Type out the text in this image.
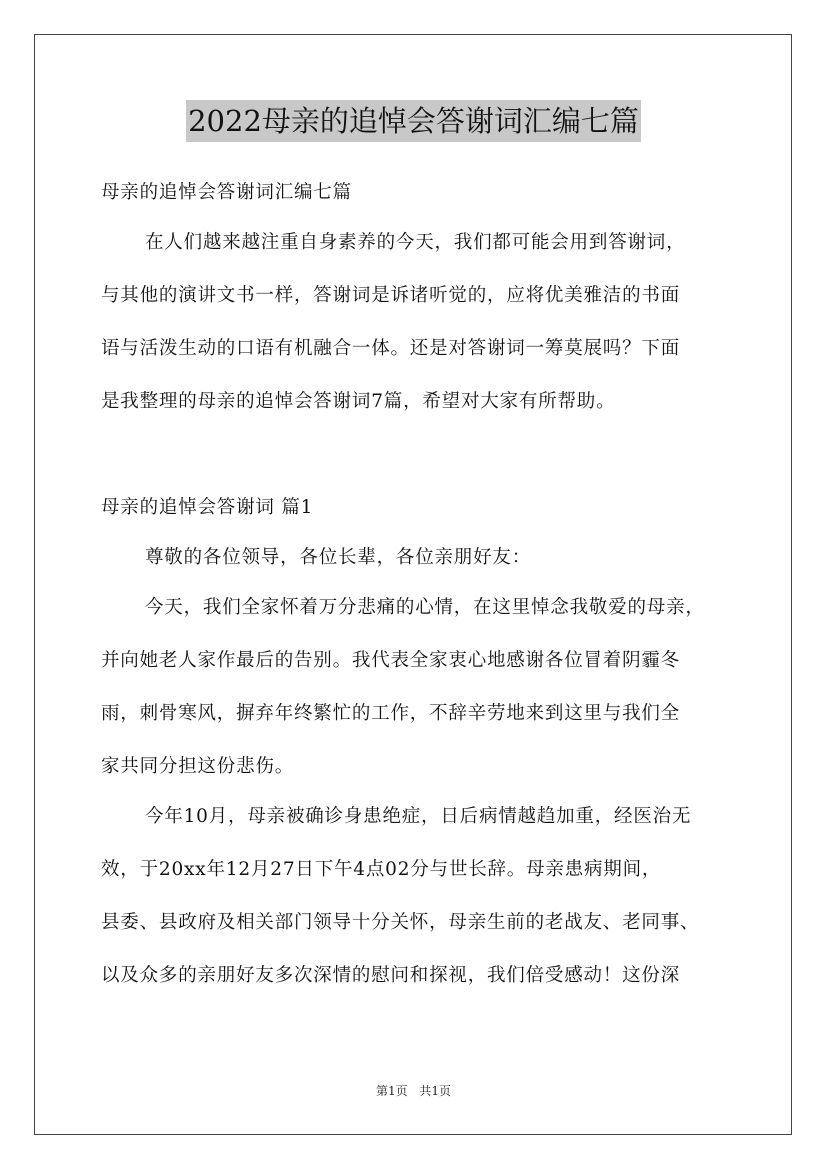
2022母亲的追悼会答谢词汇编七篇
母亲的追悼会答谢词汇编七篇
在人们越来越注重自身素养的今天，我们都可能会用到答谢词，
与其他的演讲文书一样，答谢词是诉诸听觉的，应将优美雅洁的书面
语与活泼生动的口语有机融合一体。还是对答谢词一筹莫展吗？下面
是我整理的母亲的追悼会答谢词7篇，希望对大家有所帮助。
母亲的追悼会答谢词 篇1
尊敬的各位领导，各位长辈，各位亲朋好友：
今天，我们全家怀着万分悲痛的心情，在这里悼念我敬爱的母亲，
并向她老人家作最后的告别。我代表全家衷心地感谢各位冒着阴霾冬
雨，刺骨寒风，摒弃年终繁忙的工作，不辞辛劳地来到这里与我们全
家共同分担这份悲伤。
今年10月，母亲被确诊身患绝症，日后病情越趋加重，经医治无
效，于20xx年12月27日下午4点02分与世长辞。母亲患病期间，
县委、县政府及相关部门领导十分关怀，母亲生前的老战友、老同事、
以及众多的亲朋好友多次深情的慰问和探视，我们倍受感动！这份深
第1页 共1页
